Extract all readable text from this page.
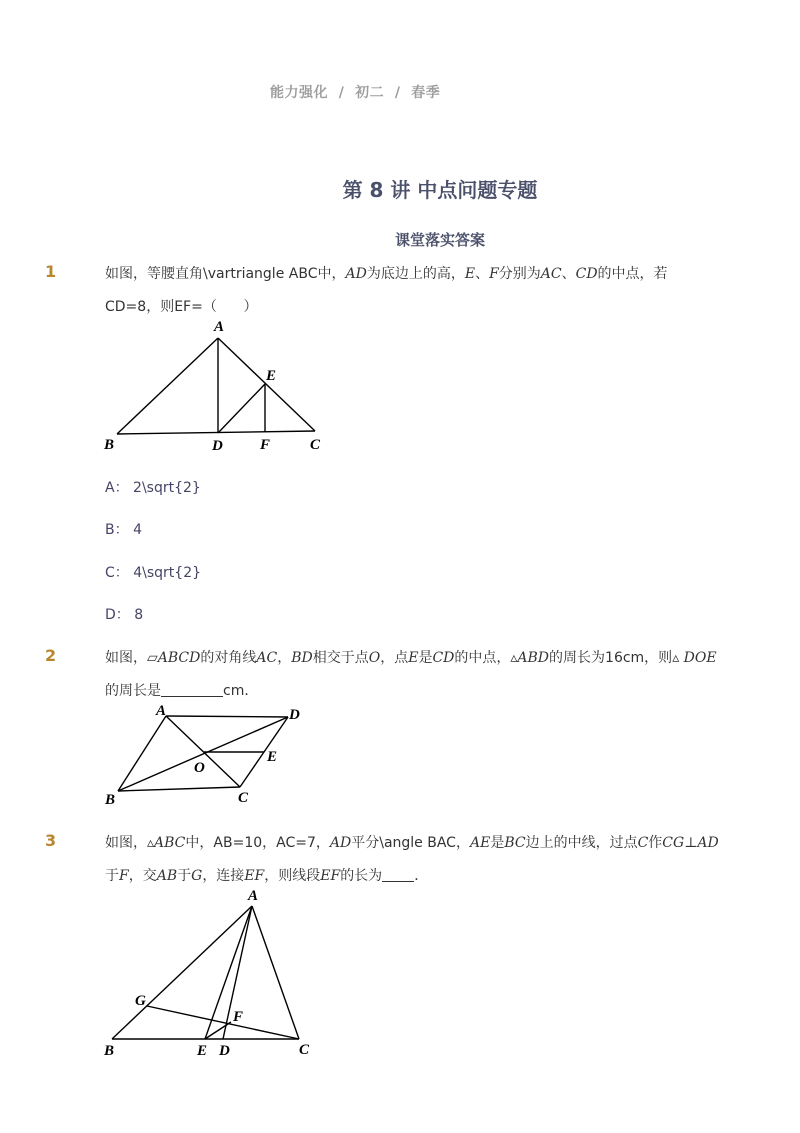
能力强化  /  初二  /  春季
第 8 讲 中点问题专题
课堂落实答案
1	如图，等腰直角\vartriangle ABC中，AD为底边上的高，E、F分别为AC、CD的中点，若
CD=8，则EF=（      ）
A
B	C
D
E
F
A： 2\sqrt{2}
B： 4
C： 4\sqrt{2}
D： 8
2	如图，▱ABCD的对角线AC，BD相交于点O，点E是CD的中点，▵ABD的周长为16cm，则▵ DOE
的周长是	cm．
A	D
E
O
B	C
3	如图，▵ABC中，AB=10，AC=7，AD平分\angle BAC，AE是BC边上的中线，过点C作CG⊥AD
于F，交AB于G，连接EF，则线段EF的长为 ．
A
G
F
B	E D	C
